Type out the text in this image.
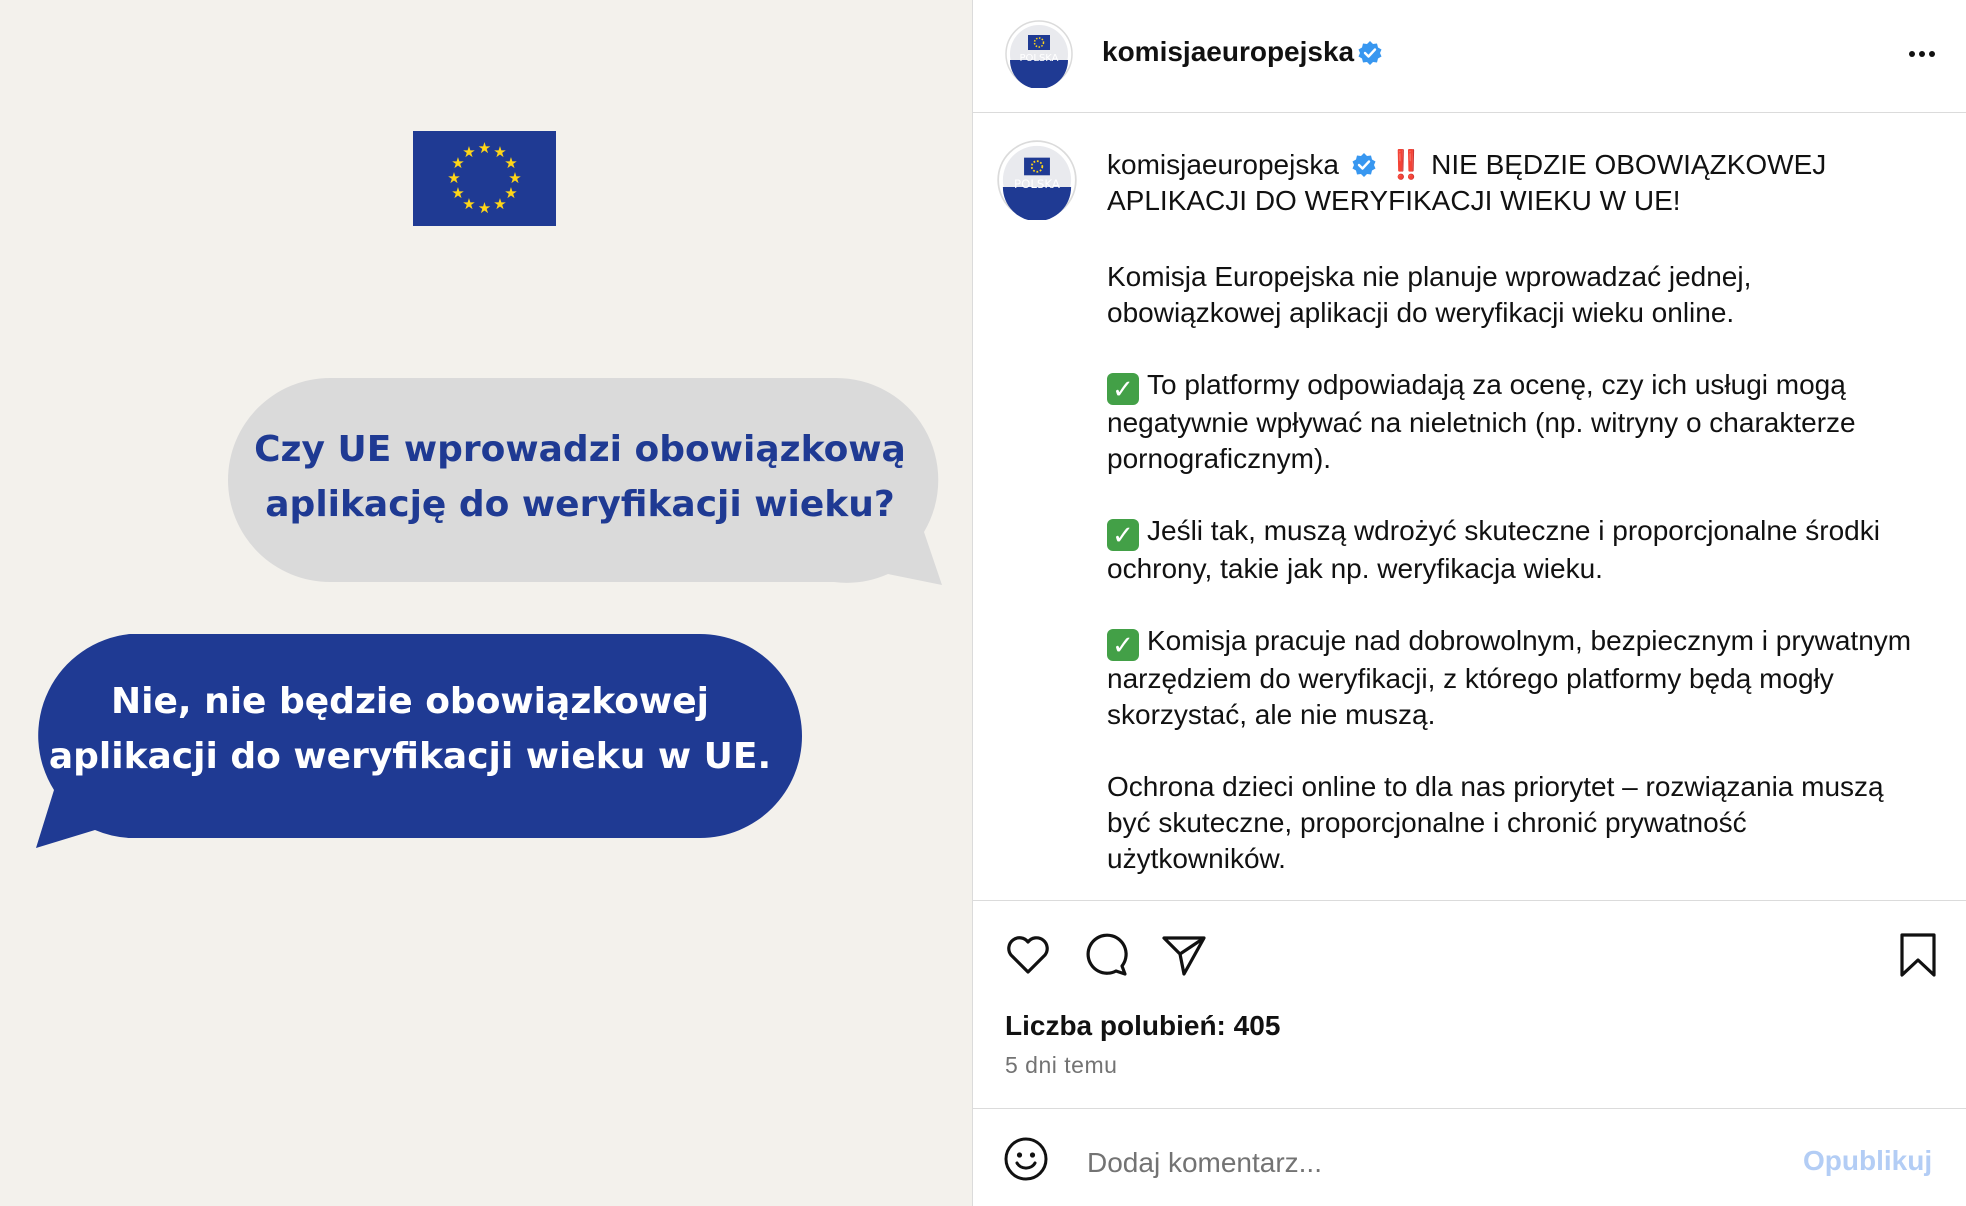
★ ★
★
★
★
★
★
★
★
★
★
★
Czy UE wprowadzi obowiązkową aplikację do weryfikacji wieku?
Nie, nie będzie obowiązkowej aplikacji do weryfikacji wieku w UE.
POLSKA komisjaeuropejska
POLSKA

komisjaeuropejska ‼️ NIE BĘDZIE OBOWIĄZKOWEJ APLIKACJI DO WERYFIKACJI WIEKU W UE!

Komisja Europejska nie planuje wprowadzać jednej, obowiązkowej aplikacji do weryfikacji wieku online.

✓ To platformy odpowiadają za ocenę, czy ich usługi mogą negatywnie wpływać na nieletnich (np. witryny o charakterze pornograficznym).

✓ Jeśli tak, muszą wdrożyć skuteczne i proporcjonalne środki ochrony, takie jak np. weryfikacja wieku.

✓ Komisja pracuje nad dobrowolnym, bezpiecznym i prywatnym narzędziem do weryfikacji, z którego platformy będą mogły skorzystać, ale nie muszą.

Ochrona dzieci online to dla nas priorytet – rozwiązania muszą być skuteczne, proporcjonalne i chronić prywatność użytkowników.

Liczba polubień: 405
5 dni temu
Dodaj komentarz...
Opublikuj
